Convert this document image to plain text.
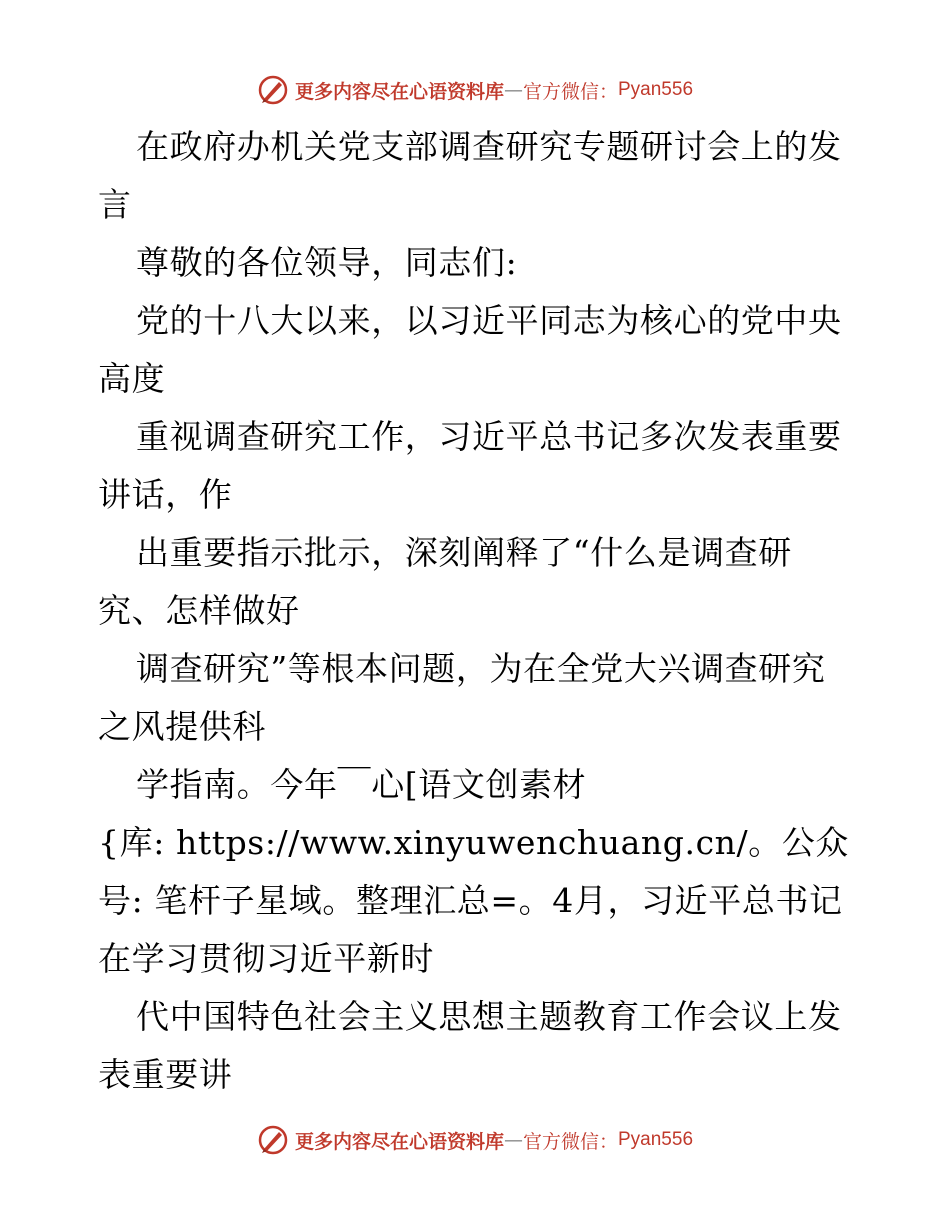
更多内容尽在心语资料库 — 官方微信： Pyan556
在政府办机关党支部调查研究专题研讨会上的发
言
尊敬的各位领导，同志们:
党的十八大以来，以习近平同志为核心的党中央
高度
重视调查研究工作，习近平总书记多次发表重要
讲话，作
出重要指示批示，深刻阐释了“什么是调查研
究、怎样做好
调查研究”等根本问题，为在全党大兴调查研究
之风提供科
学指南。今年￣心[语文创素材
{库: https://www.xinyuwenchuang.cn/。公众
号: 笔杆子星域。整理汇总=。4月，习近平总书记
在学习贯彻习近平新时
代中国特色社会主义思想主题教育工作会议上发
表重要讲
更多内容尽在心语资料库 — 官方微信： Pyan556
